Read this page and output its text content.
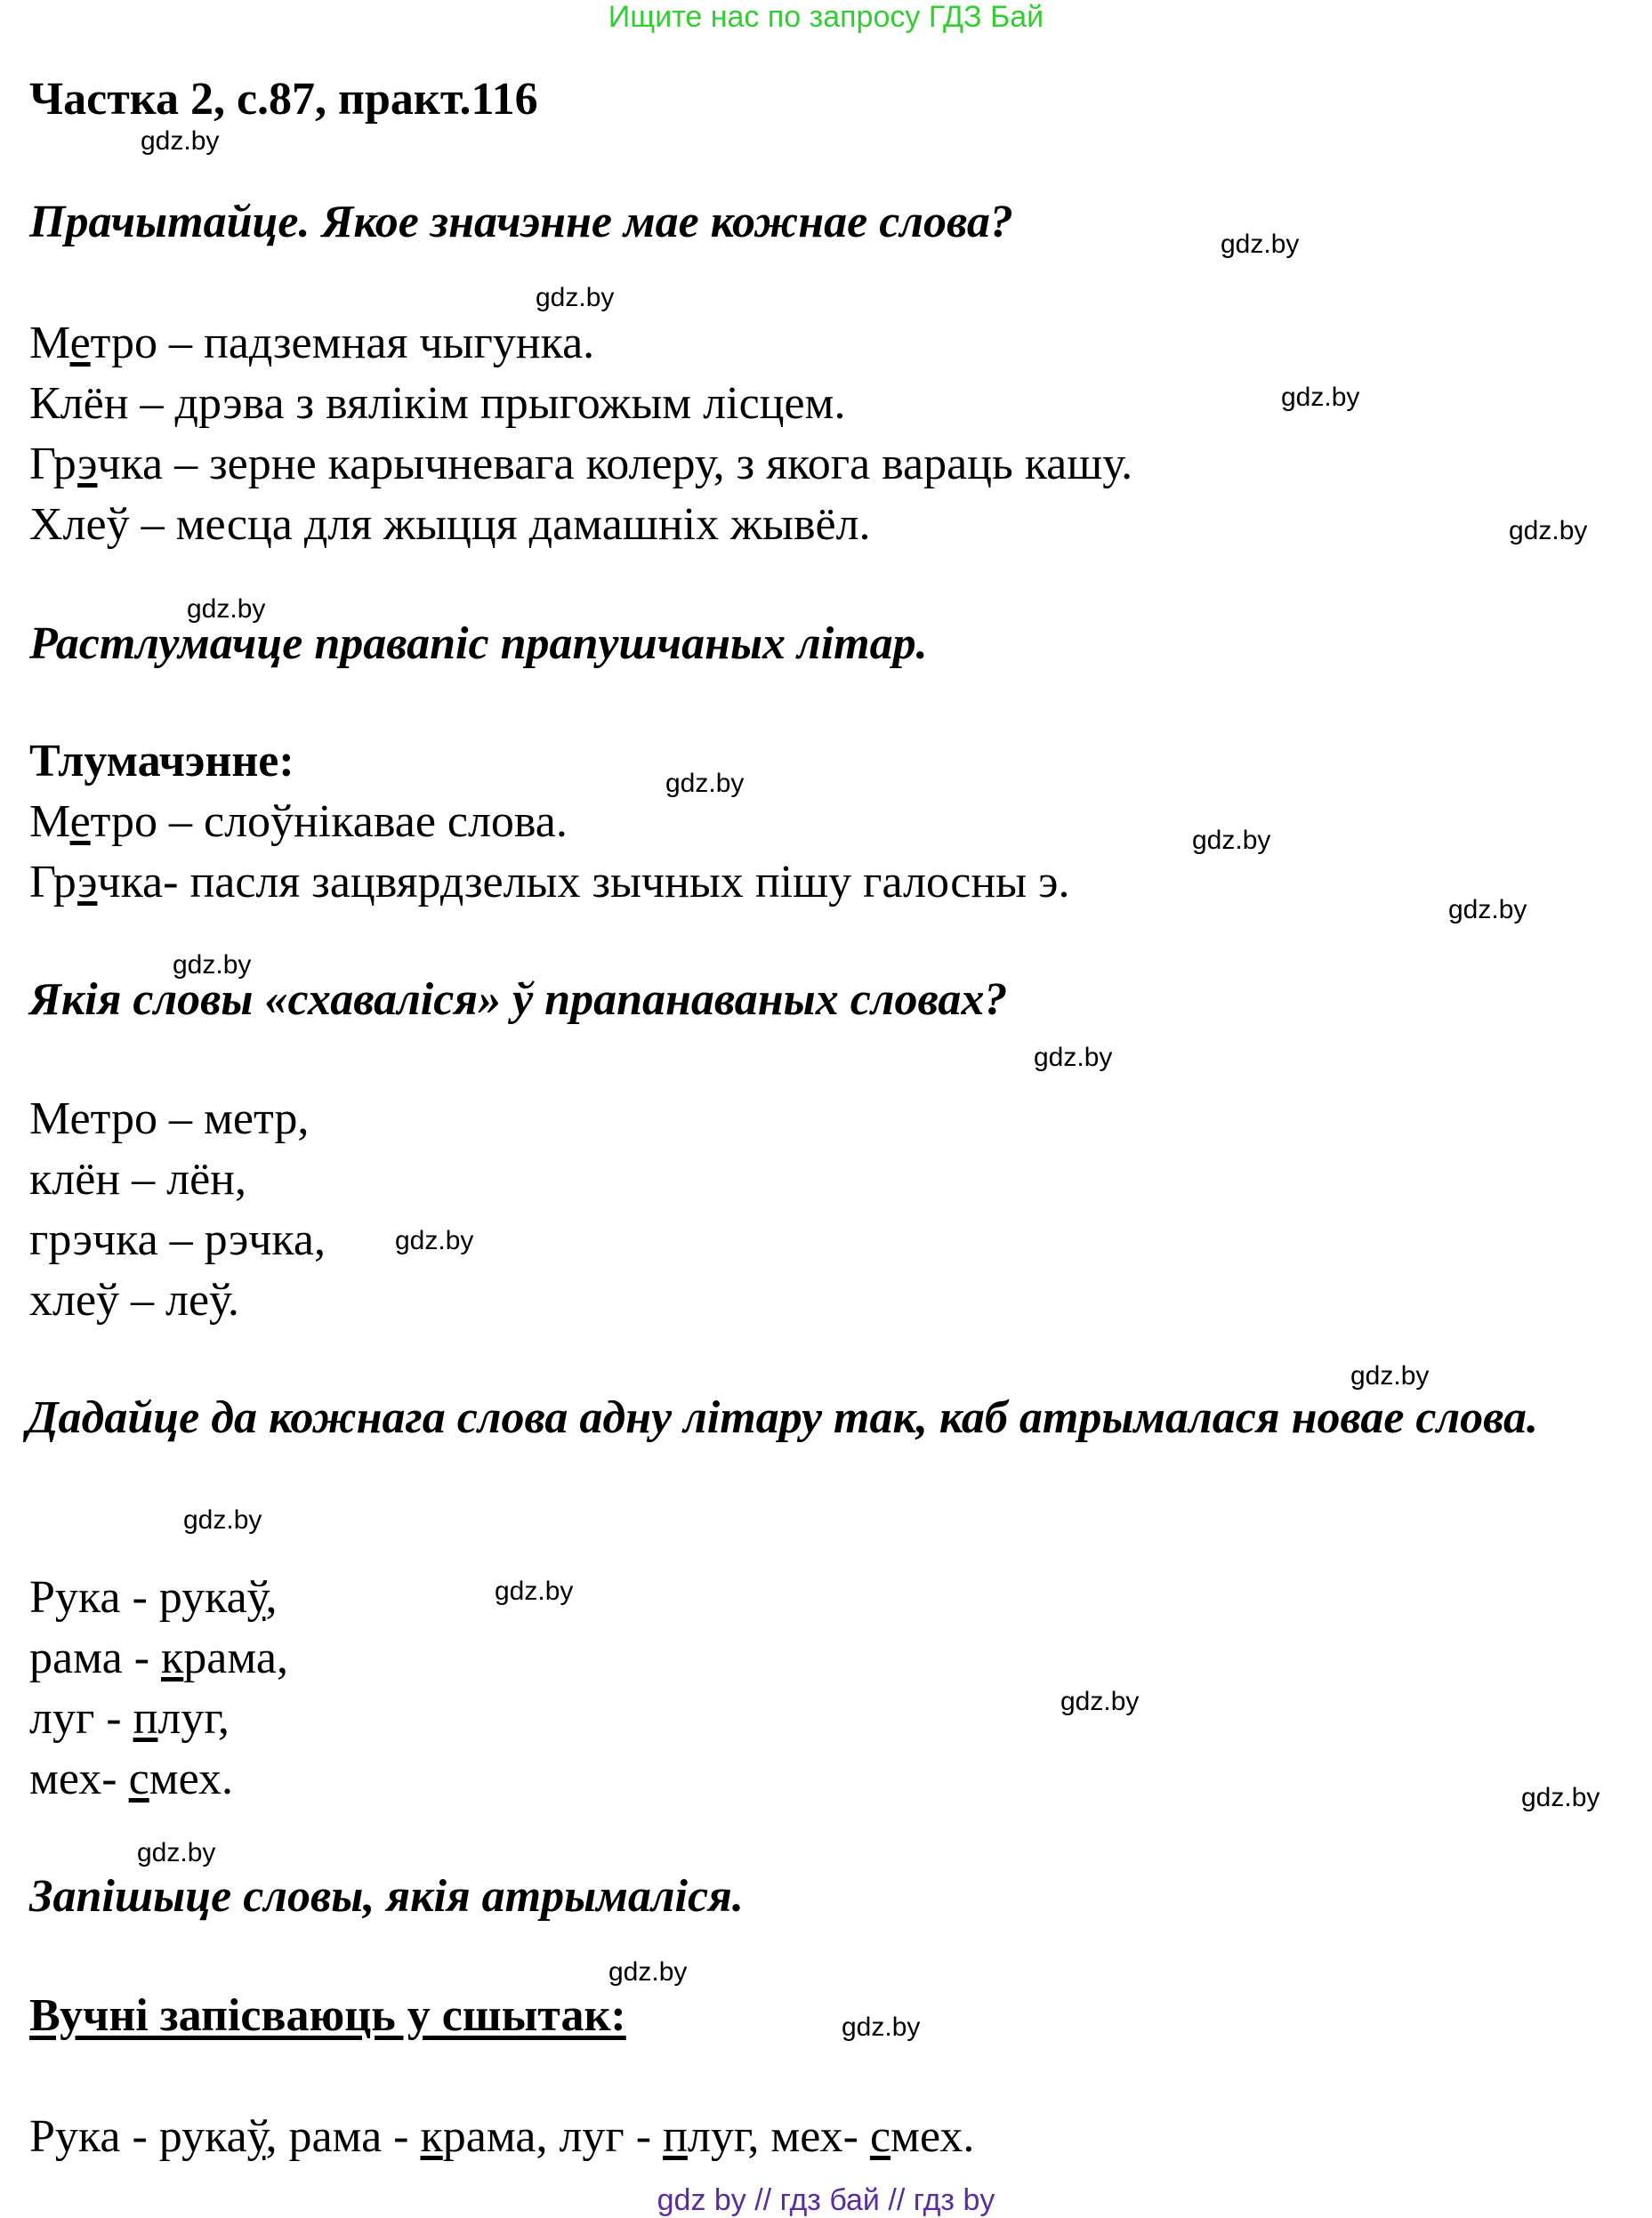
Ищите нас по запросу ГДЗ Бай
Частка 2, с.87, практ.116
gdz.by
gdz.by
gdz.by
gdz.by
gdz.by
gdz.by
gdz.by
gdz.by
gdz.by
gdz.by
gdz.by
gdz.by
gdz.by
gdz.by
gdz.by
gdz.by
gdz.by
gdz.by
gdz.by
gdz.by
Прачытайце. Якое значэнне мае кожнае слова?
Метро – падземная чыгунка.
Клён – дрэва з вялікім прыгожым лісцем.
Грэчка – зерне карычневага колеру, з якога вараць кашу.
Хлеў – месца для жыцця дамашніх жывёл.
Растлумачце правапіс прапушчаных літар.
Тлумачэнне:
Метро – слоўнікавае слова.
Грэчка- пасля зацвярдзелых зычных пішу галосны э.
Якія словы «схаваліся» ў прапанаваных словах?
Метро – метр,
клён – лён,
грэчка – рэчка,
хлеў – леў.
Дадайце да кожнага слова адну літару так, каб атрымалася новае слова.
Рука - рукаў,
рама - крама,
луг - плуг,
мех- смех.
Запішыце словы, якія атрымаліся.
Вучні запісваюць у сшытак:
Рука - рукаў, рама - крама, луг - плуг, мех- смех.
gdz by // гдз бай // гдз by
